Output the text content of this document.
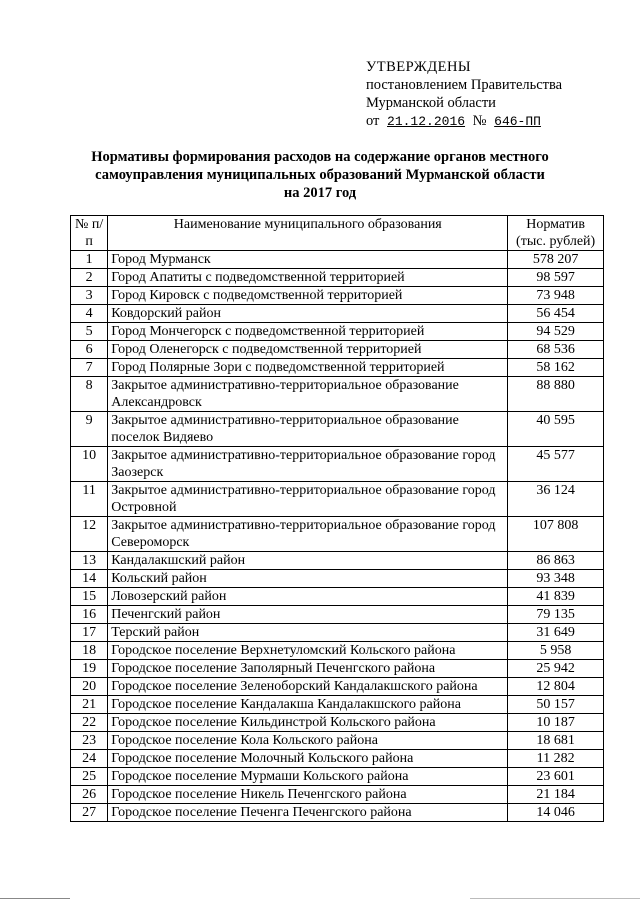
УТВЕРЖДЕНЫ
постановлением Правительства
Мурманской области
от 21.12.2016 № 646-ПП
Нормативы формирования расходов на содержание органов местного
самоуправления муниципальных образований Мурманской области
на 2017 год
№ п/п	Наименование муниципального образования	Норматив (тыс. рублей)
1	Город Мурманск	578 207
2	Город Апатиты с подведомственной территорией	98 597
3	Город Кировск с подведомственной территорией	73 948
4	Ковдорский район	56 454
5	Город Мончегорск с подведомственной территорией	94 529
6	Город Оленегорск с подведомственной территорией	68 536
7	Город Полярные Зори с подведомственной территорией	58 162
8	Закрытое административно-территориальное образование Александровск	88 880
9	Закрытое административно-территориальное образование поселок Видяево	40 595
10	Закрытое административно-территориальное образование город Заозерск	45 577
11	Закрытое административно-территориальное образование город Островной	36 124
12	Закрытое административно-территориальное образование город Североморск	107 808
13	Кандалакшский район	86 863
14	Кольский район	93 348
15	Ловозерский район	41 839
16	Печенгский район	79 135
17	Терский район	31 649
18	Городское поселение Верхнетуломский Кольского района	5 958
19	Городское поселение Заполярный Печенгского района	25 942
20	Городское поселение Зеленоборский Кандалакшского района	12 804
21	Городское поселение Кандалакша Кандалакшского района	50 157
22	Городское поселение Кильдинстрой Кольского района	10 187
23	Городское поселение Кола Кольского района	18 681
24	Городское поселение Молочный Кольского района	11 282
25	Городское поселение Мурмаши Кольского района	23 601
26	Городское поселение Никель Печенгского района	21 184
27	Городское поселение Печенга Печенгского района	14 046
